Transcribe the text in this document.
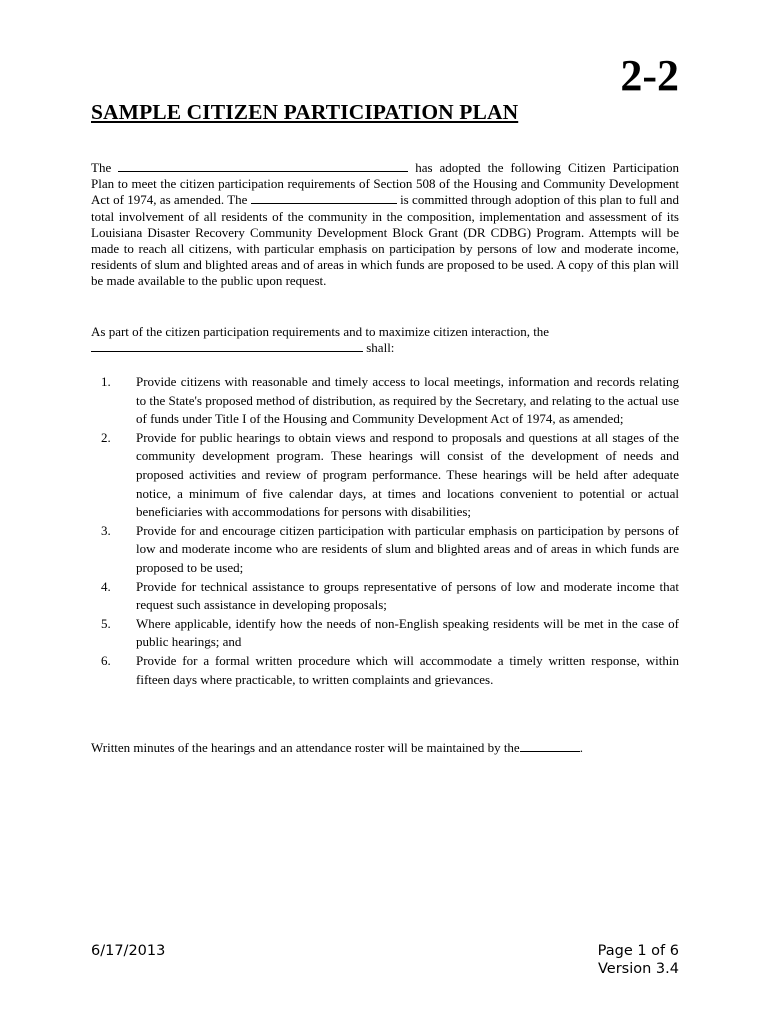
2-2
SAMPLE CITIZEN PARTICIPATION PLAN

The	has adopted the following Citizen Participation Plan to meet the citizen participation requirements of Section 508 of the Housing and Community Development Act of 1974, as amended. The	is committed through adoption of this plan to full and total involvement of all residents of the community in the composition, implementation and assessment of its Louisiana Disaster Recovery Community Development Block Grant (DR CDBG) Program. Attempts will be made to reach all citizens, with particular emphasis on participation by persons of low and moderate income, residents of slum and blighted areas and of areas in which funds are proposed to be used. A copy of this plan will be made available to the public upon request.

As part of the citizen participation requirements and to maximize citizen interaction, the
shall:

1. Provide citizens with reasonable and timely access to local meetings, information and records relating to the State's proposed method of distribution, as required by the Secretary, and relating to the actual use of funds under Title I of the Housing and Community Development Act of 1974, as amended;
2. Provide for public hearings to obtain views and respond to proposals and questions at all stages of the community development program. These hearings will consist of the development of needs and proposed activities and review of program performance. These hearings will be held after adequate notice, a minimum of five calendar days, at times and locations convenient to potential or actual beneficiaries with accommodations for persons with disabilities;
3. Provide for and encourage citizen participation with particular emphasis on participation by persons of low and moderate income who are residents of slum and blighted areas and of areas in which funds are proposed to be used;
4. Provide for technical assistance to groups representative of persons of low and moderate income that request such assistance in developing proposals;
5. Where applicable, identify how the needs of non-English speaking residents will be met in the case of public hearings; and
6. Provide for a formal written procedure which will accommodate a timely written response, within fifteen days where practicable, to written complaints and grievances.

Written minutes of the hearings and an attendance roster will be maintained by the	.

6/17/2013	Page 1 of 6
Version 3.4
